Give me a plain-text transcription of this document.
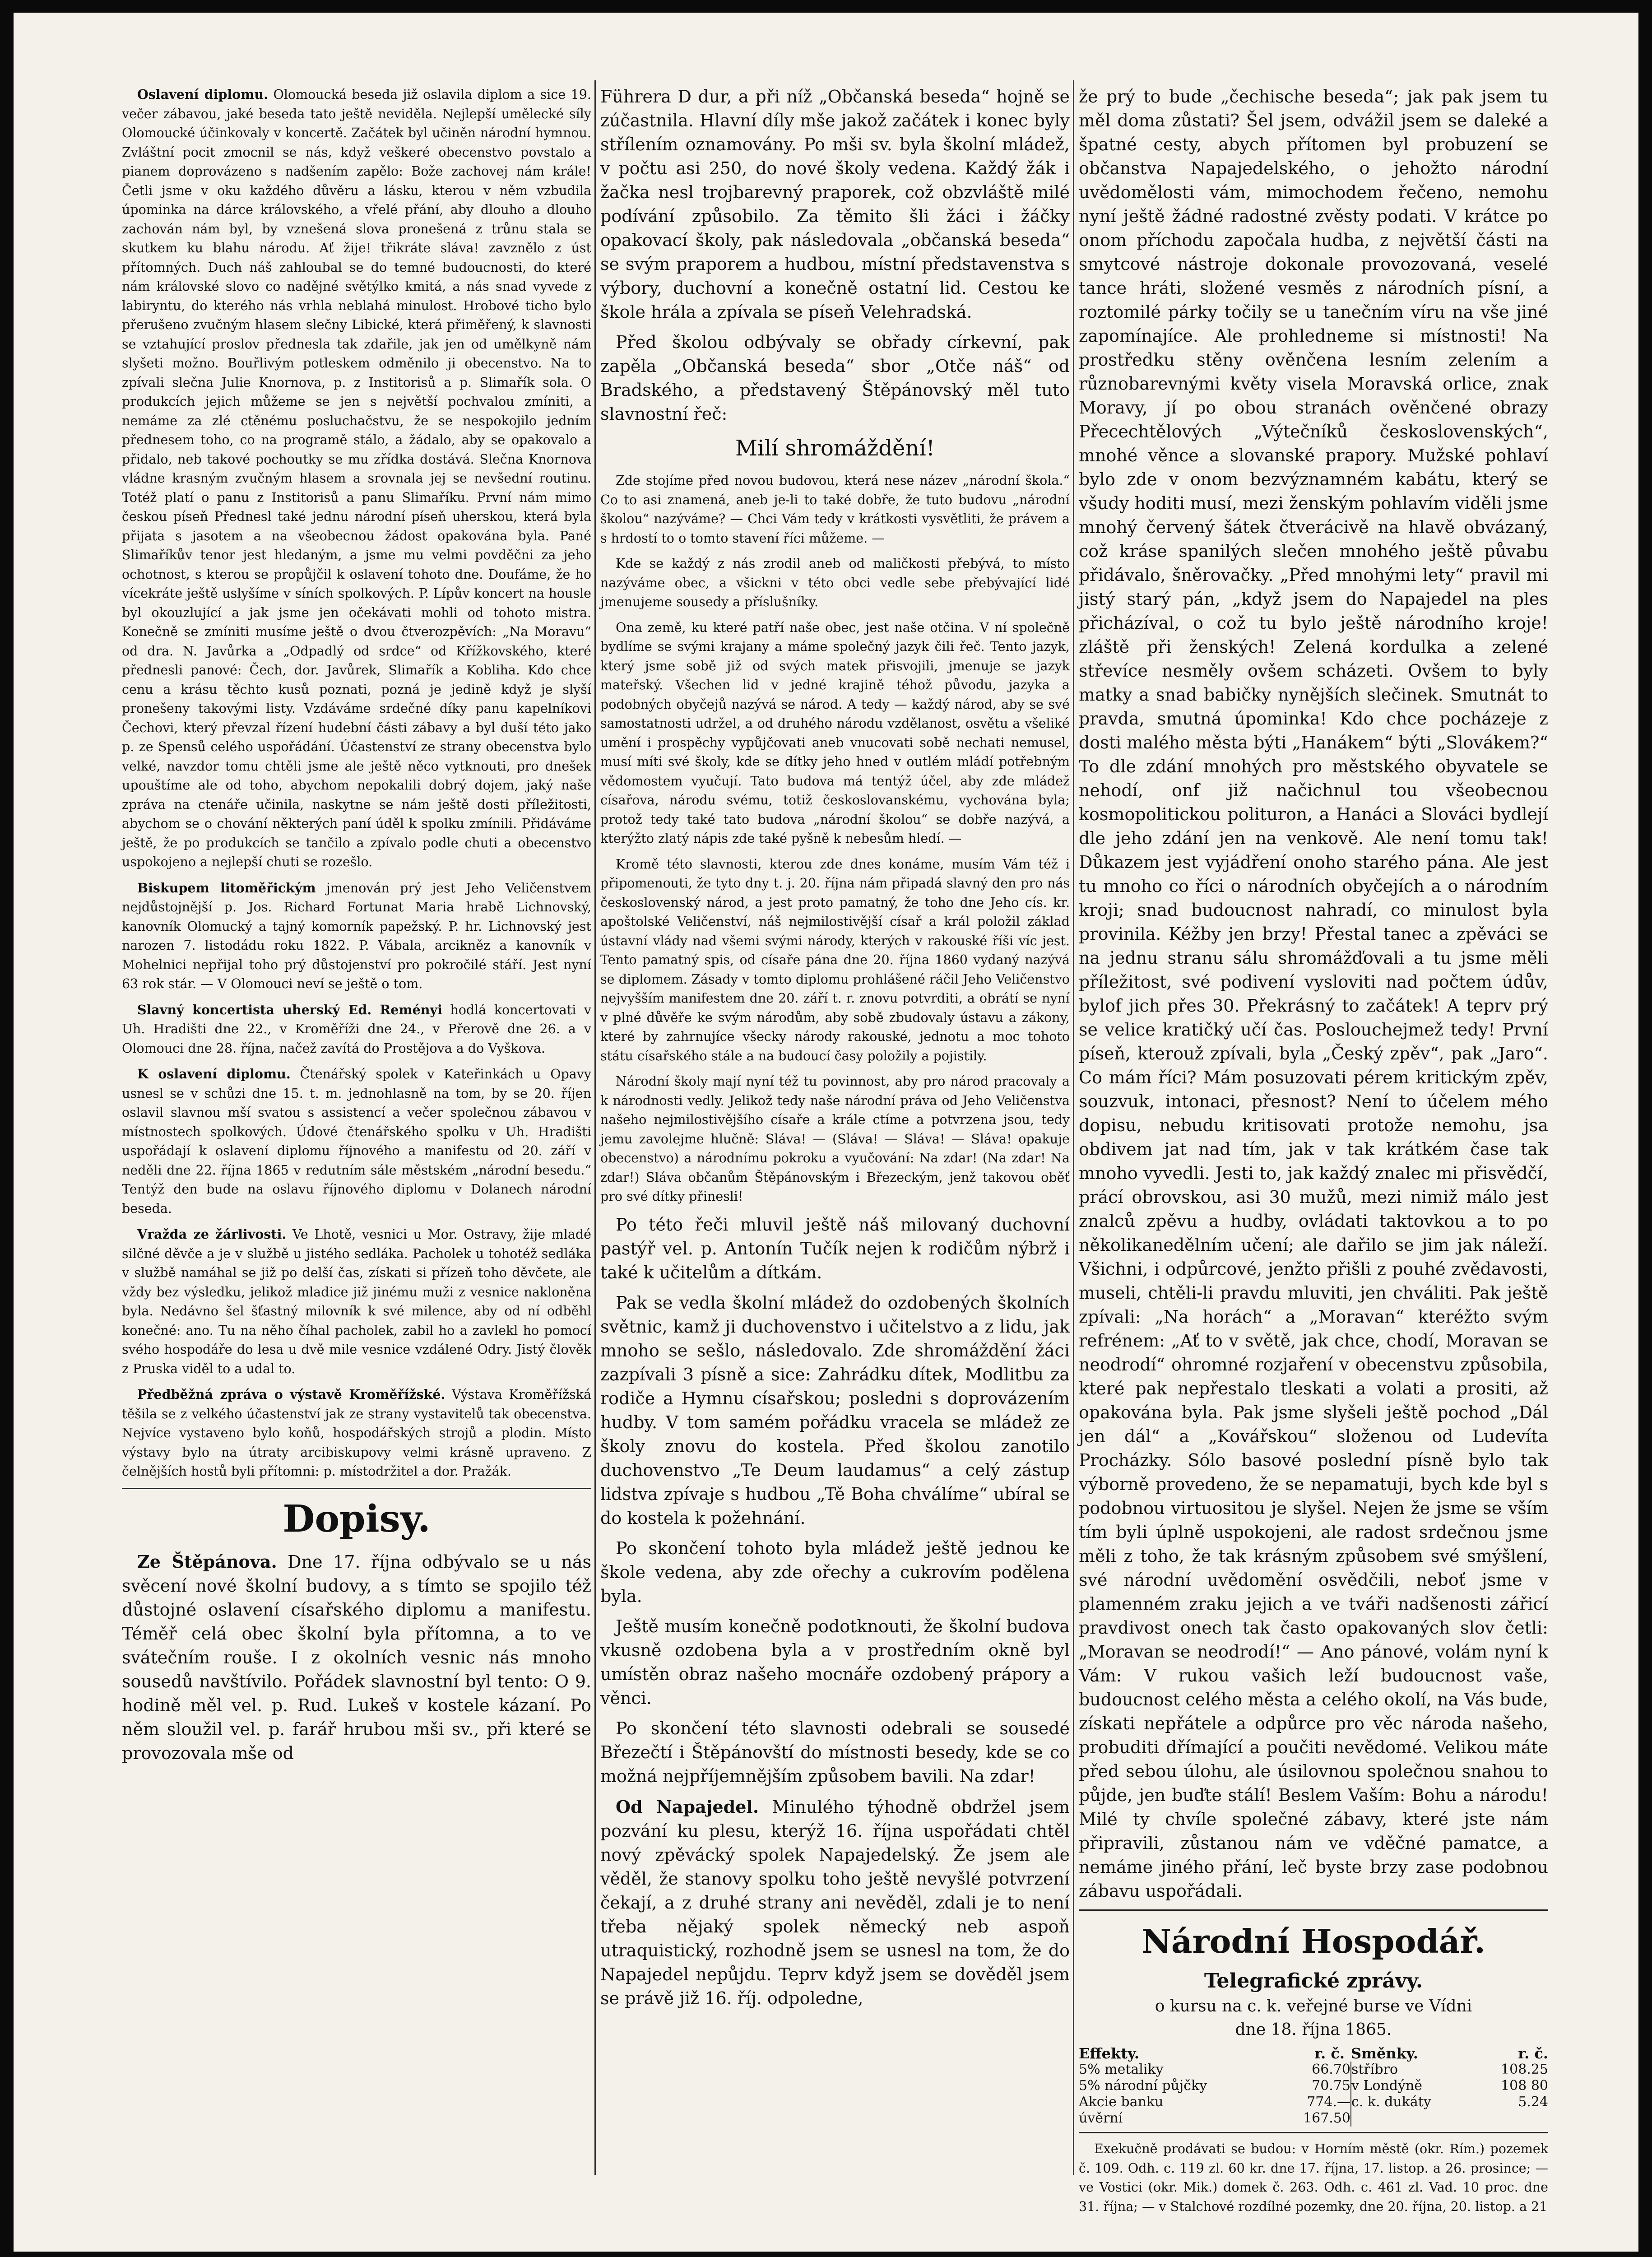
Oslavení diplomu. Olomoucká beseda již oslavila diplom a sice 19. večer zábavou, jaké beseda tato ještě neviděla. Nejlepší umělecké síly Olomoucké účinkovaly v koncertě. Začátek byl učiněn národní hymnou. Zvláštní pocit zmocnil se nás, když veškeré obecenstvo povstalo a pianem doprovázeno s nadšením zapělo: Bože zachovej nám krále! Četli jsme v oku každého důvěru a lásku, kterou v něm vzbudila úpominka na dárce královského, a vřelé přání, aby dlouho a dlouho zachován nám byl, by vznešená slova pronešená z trůnu stala se skutkem ku blahu národu. Ať žije! třikráte sláva! zavznělo z úst přítomných. Duch náš zahloubal se do temné budoucnosti, do které nám královské slovo co nadějné světýlko kmitá, a nás snad vyvede z labiryntu, do kterého nás vrhla neblahá minulost. Hrobové ticho bylo přerušeno zvučným hlasem slečny Libické, která přiměřený, k slavnosti se vztahující proslov přednesla tak zdařile, jak jen od umělkyně nám slyšeti možno. Bouřlivým potleskem odměnilo ji obecenstvo. Na to zpívali slečna Julie Knornova, p. z Institorisů a p. Slimařík sola. O produkcích jejich můžeme se jen s největší pochvalou zmíniti, a nemáme za zlé ctěnému posluchačstvu, že se nespokojilo jedním přednesem toho, co na programě stálo, a žádalo, aby se opakovalo a přidalo, neb takové pochoutky se mu zřídka dostává. Slečna Knornova vládne krasným zvučným hlasem a srovnala jej se nevšední routinu. Totéž platí o panu z Institorisů a panu Slimaříku. První nám mimo českou píseň Přednesl také jednu národní píseň uherskou, která byla přijata s jasotem a na všeobecnou žádost opakována byla. Pané Slimaříkův tenor jest hledaným, a jsme mu velmi povděčni za jeho ochotnost, s kterou se propůjčil k oslavení tohoto dne. Doufáme, že ho vícekráte ještě uslyšíme v síních spolkových. P. Lípův koncert na housle byl okouzlující a jak jsme jen očekávati mohli od tohoto mistra. Konečně se zmíniti musíme ještě o dvou čtverozpěvích: „Na Moravu“ od dra. N. Javůrka a „Odpadlý od srdce“ od Křížkovského, které přednesli panové: Čech, dor. Javůrek, Slimařík a Kobliha. Kdo chce cenu a krásu těchto kusů poznati, pozná je jedině když je slyší pronešeny takovými listy. Vzdáváme srdečné díky panu kapelníkovi Čechovi, který převzal řízení hudební části zábavy a byl duší této jako p. ze Spensů celého uspořádání. Účastenství ze strany obecenstva bylo velké, navzdor tomu chtěli jsme ale ještě něco vytknouti, pro dnešek upouštíme ale od toho, abychom nepokalili dobrý dojem, jaký naše zpráva na ctenáře učinila, naskytne se nám ještě dosti příležitosti, abychom se o chování některých paní úděl k spolku zmínili. Přidáváme ještě, že po produkcích se tančilo a zpívalo podle chuti a obecenstvo uspokojeno a nejlepší chuti se rozešlo.

Biskupem litoměřickým jmenován prý jest Jeho Veličenstvem nejdůstojnější p. Jos. Richard Fortunat Maria hrabě Lichnovský, kanovník Olomucký a tajný komorník papežský. P. hr. Lichnovský jest narozen 7. listodádu roku 1822. P. Vábala, arcikněz a kanovník v Mohelnici nepřijal toho prý důstojenství pro pokročilé stáří. Jest nyní 63 rok stár. — V Olomouci neví se ještě o tom.

Slavný koncertista uherský Ed. Reményi hodlá koncertovati v Uh. Hradišti dne 22., v Kroměříži dne 24., v Přerově dne 26. a v Olomouci dne 28. října, načež zavítá do Prostějova a do Vyškova.

K oslavení diplomu. Čtenářský spolek v Kateřinkách u Opavy usnesl se v schůzi dne 15. t. m. jednohlasně na tom, by se 20. říjen oslavil slavnou mší svatou s assistencí a večer společnou zábavou v místnostech spolkových. Údové čtenářského spolku v Uh. Hradišti uspořádají k oslavení diplomu říjnového a manifestu od 20. září v neděli dne 22. října 1865 v redutním sále městském „národní besedu.“ Tentýž den bude na oslavu říjnového diplomu v Dolanech národní beseda.

Vražda ze žárlivosti. Ve Lhotě, vesnici u Mor. Ostravy, žije mladé silčné děvče a je v službě u jistého sedláka. Pacholek u tohotéž sedláka v službě namáhal se již po delší čas, získati si přízeň toho děvčete, ale vždy bez výsledku, jelikož mladice již jinému muži z vesnice nakloněna byla. Nedávno šel šťastný milovník k své milence, aby od ní odběhl konečné: ano. Tu na něho číhal pacholek, zabil ho a zavlekl ho pomocí svého hospodáře do lesa u dvě mile vesnice vzdálené Odry. Jistý člověk z Pruska viděl to a udal to.

Předběžná zpráva o výstavě Kroměřížské. Výstava Kroměřížská těšila se z velkého účastenství jak ze strany vystavitelů tak obecenstva. Nejvíce vystaveno bylo koňů, hospodářských strojů a plodin. Místo výstavy bylo na útraty arcibiskupovy velmi krásně upraveno. Z čelnějších hostů byli přítomni: p. místodržitel a dor. Pražák.

Dopisy.

Ze Štěpánova. Dne 17. října odbývalo se u nás svěcení nové školní budovy, a s tímto se spojilo též důstojné oslavení císařského diplomu a manifestu. Téměř celá obec školní byla přítomna, a to ve svátečním rouše. I z okolních vesnic nás mnoho sousedů navštívilo. Pořádek slavnostní byl tento: O 9. hodině měl vel. p. Rud. Lukeš v kostele kázaní. Po něm sloužil vel. p. farář hrubou mši sv., při které se provozovala mše od

Führera D dur, a při níž „Občanská beseda“ hojně se zúčastnila. Hlavní díly mše jakož začátek i konec byly střílením oznamovány. Po mši sv. byla školní mládež, v počtu asi 250, do nové školy vedena. Každý žák i žačka nesl trojbarevný praporek, což obzvláště milé podívání způsobilo. Za těmito šli žáci i žáčky opakovací školy, pak následovala „občanská beseda“ se svým praporem a hudbou, místní představenstva s výbory, duchovní a konečně ostatní lid. Cestou ke škole hrála a zpívala se píseň Velehradská.

Před školou odbývaly se obřady církevní, pak zapěla „Občanská beseda“ sbor „Otče náš“ od Bradského, a představený Štěpánovský měl tuto slavnostní řeč:

Milí shromáždění!

Zde stojíme před novou budovou, která nese název „národní škola.“ Co to asi znamená, aneb je-li to také dobře, že tuto budovu „národní školou“ nazýváme? — Chci Vám tedy v krátkosti vysvětliti, že právem a s hrdostí to o tomto stavení říci můžeme. —

Kde se každý z nás zrodil aneb od maličkosti přebývá, to místo nazýváme obec, a všickni v této obci vedle sebe přebývající lidé jmenujeme sousedy a příslušníky.

Ona země, ku které patří naše obec, jest naše otčina. V ní společně bydlíme se svými krajany a máme společný jazyk čili řeč. Tento jazyk, který jsme sobě již od svých matek přisvojili, jmenuje se jazyk mateřský. Všechen lid v jedné krajině téhož původu, jazyka a podobných obyčejů nazývá se národ. A tedy — každý národ, aby se své samostatnosti udržel, a od druhého národu vzdělanost, osvětu a všeliké umění i prospěchy vypůjčovati aneb vnucovati sobě nechati nemusel, musí míti své školy, kde se dítky jeho hned v outlém mládí potřebným vědomostem vyučují. Tato budova má tentýž účel, aby zde mládež císařova, národu svému, totiž českoslovanskému, vychována byla; protož tedy také tato budova „národní školou“ se dobře nazývá, a kterýžto zlatý nápis zde také pyšně k nebesům hledí. —

Kromě této slavnosti, kterou zde dnes konáme, musím Vám též i připomenouti, že tyto dny t. j. 20. října nám připadá slavný den pro nás československý národ, a jest proto pamatný, že toho dne Jeho cís. kr. apoštolské Veličenství, náš nejmilostivější císař a král položil základ ústavní vlády nad všemi svými národy, kterých v rakouské říši víc jest. Tento pamatný spis, od císaře pána dne 20. října 1860 vydaný nazývá se diplomem. Zásady v tomto diplomu prohlášené ráčil Jeho Veličenstvo nejvyšším manifestem dne 20. září t. r. znovu potvrditi, a obrátí se nyní v plné důvěře ke svým národům, aby sobě zbudovaly ústavu a zákony, které by zahrnujíce všecky národy rakouské, jednotu a moc tohoto státu císařského stále a na budoucí časy položily a pojistily.

Národní školy mají nyní též tu povinnost, aby pro národ pracovaly a k národnosti vedly. Jelikož tedy naše národní práva od Jeho Veličenstva našeho nejmilostivějšího císaře a krále ctíme a potvrzena jsou, tedy jemu zavolejme hlučně: Sláva! — (Sláva! — Sláva! — Sláva! opakuje obecenstvo) a národnímu pokroku a vyučování: Na zdar! (Na zdar! Na zdar!) Sláva občanům Štěpánovským i Březeckým, jenž takovou oběť pro své dítky přinesli!

Po této řeči mluvil ještě náš milovaný duchovní pastýř vel. p. Antonín Tučík nejen k rodičům nýbrž i také k učitelům a dítkám.

Pak se vedla školní mládež do ozdobených školních světnic, kamž ji duchovenstvo i učitelstvo a z lidu, jak mnoho se sešlo, následovalo. Zde shromáždění žáci zazpívali 3 písně a sice: Zahrádku dítek, Modlitbu za rodiče a Hymnu císařskou; posledni s doprovázením hudby. V tom samém pořádku vracela se mládež ze školy znovu do kostela. Před školou zanotilo duchovenstvo „Te Deum laudamus“ a celý zástup lidstva zpívaje s hudbou „Tě Boha chválíme“ ubíral se do kostela k požehnání.

Po skončení tohoto byla mládež ještě jednou ke škole vedena, aby zde ořechy a cukrovím podělena byla.

Ještě musím konečně podotknouti, že školní budova vkusně ozdobena byla a v prostředním okně byl umístěn obraz našeho mocnáře ozdobený prápory a věnci.

Po skončení této slavnosti odebrali se sousedé Březečtí i Štěpánovští do místnosti besedy, kde se co možná nejpříjemnějším způsobem bavili. Na zdar!

Od Napajedel. Minulého týhodně obdržel jsem pozvání ku plesu, kterýž 16. října uspořádati chtěl nový zpěvácký spolek Napajedelský. Že jsem ale věděl, že stanovy spolku toho ještě nevyšlé potvrzení čekají, a z druhé strany ani nevěděl, zdali je to není třeba nějaký spolek německý neb aspoň utraquistický, rozhodně jsem se usnesl na tom, že do Napajedel nepůjdu. Teprv když jsem se dověděl jsem se právě již 16. říj. odpoledne,

že prý to bude „čechische beseda“; jak pak jsem tu měl doma zůstati? Šel jsem, odvážil jsem se daleké a špatné cesty, abych přítomen byl probuzení se občanstva Napajedelského, o jehožto národní uvědomělosti vám, mimochodem řečeno, nemohu nyní ještě žádné radostné zvěsty podati. V krátce po onom příchodu započala hudba, z největší části na smytcové nástroje dokonale provozovaná, veselé tance hráti, složené vesměs z národních písní, a roztomilé párky točily se u tanečním víru na vše jiné zapomínajíce. Ale prohledneme si místnosti! Na prostředku stěny ověnčena lesním zelením a různobarevnými květy visela Moravská orlice, znak Moravy, jí po obou stranách ověnčené obrazy Přecechtělových „Výtečníků československých“, mnohé věnce a slovanské prapory. Mužské pohlaví bylo zde v onom bezvýznamném kabátu, který se všudy hoditi musí, mezi ženským pohlavím viděli jsme mnohý červený šátek čtverácivě na hlavě obvázaný, což kráse spanilých slečen mnohého ještě půvabu přidávalo, šněrovačky. „Před mnohými lety“ pravil mi jistý starý pán, „když jsem do Napajedel na ples přicházíval, o což tu bylo ještě národního kroje! zláště při ženských! Zelená kordulka a zelené střevíce nesměly ovšem scházeti. Ovšem to byly matky a snad babičky nynějších slečinek. Smutnát to pravda, smutná úpominka! Kdo chce pocházeje z dosti malého města býti „Hanákem“ býti „Slovákem?“ To dle zdání mnohých pro městského obyvatele se nehodí, onf již načichnul tou všeobecnou kosmopolitickou polituron, a Hanáci a Slováci bydlejí dle jeho zdání jen na venkově. Ale není tomu tak! Důkazem jest vyjádření onoho starého pána. Ale jest tu mnoho co říci o národních obyčejích a o národním kroji; snad budoucnost nahradí, co minulost byla provinila. Kéžby jen brzy! Přestal tanec a zpěváci se na jednu stranu sálu shromážďovali a tu jsme měli příležitost, své podivení vysloviti nad počtem údův, bylof jich přes 30. Překrásný to začátek! A teprv prý se velice kratičký učí čas. Poslouchejmež tedy! První píseň, kterouž zpívali, byla „Český zpěv“, pak „Jaro“. Co mám říci? Mám posuzovati pérem kritickým zpěv, souzvuk, intonaci, přesnost? Není to účelem mého dopisu, nebudu kritisovati protože nemohu, jsa obdivem jat nad tím, jak v tak krátkém čase tak mnoho vyvedli. Jesti to, jak každý znalec mi přisvědčí, prácí obrovskou, asi 30 mužů, mezi nimiž málo jest znalců zpěvu a hudby, ovládati taktovkou a to po několikanedělním učení; ale dařilo se jim jak náleží. Všichni, i odpůrcové, jenžto přišli z pouhé zvědavosti, museli, chtěli-li pravdu mluviti, jen chváliti. Pak ještě zpívali: „Na horách“ a „Moravan“ kteréžto svým refrénem: „Ať to v světě, jak chce, chodí, Moravan se neodrodí“ ohromné rozjaření v obecenstvu způsobila, které pak nepřestalo tleskati a volati a prositi, až opakována byla. Pak jsme slyšeli ještě pochod „Dál jen dál“ a „Kovářskou“ složenou od Ludevíta Procházky. Sólo basové poslední písně bylo tak výborně provedeno, že se nepamatuji, bych kde byl s podobnou virtuositou je slyšel. Nejen že jsme se vším tím byli úplně uspokojeni, ale radost srdečnou jsme měli z toho, že tak krásným způsobem své smýšlení, své národní uvědomění osvědčili, neboť jsme v plamenném zraku jejich a ve tváři nadšenosti zářicí pravdivost onech tak často opakovaných slov četli: „Moravan se neodrodí!“ — Ano pánové, volám nyní k Vám: V rukou vašich leží budoucnost vaše, budoucnost celého města a celého okolí, na Vás bude, získati nepřátele a odpůrce pro věc národa našeho, probuditi dřímající a poučiti nevědomé. Velikou máte před sebou úlohu, ale úsilovnou společnou snahou to půjde, jen buďte stálí! Beslem Vaším: Bohu a národu! Milé ty chvíle společné zábavy, které jste nám připravili, zůstanou nám ve vděčné pamatce, a nemáme jiného přání, leč byste brzy zase podobnou zábavu uspořádali.

Národní Hospodář.

Telegrafické zprávy.

o kursu na c. k. veřejné burse ve Vídni

dne 18. října 1865.

Effekty.	r. č.	Směnky.	r. č.
5% metaliky	66.70	stříbro	108.25
5% národní půjčky	70.75	v Londýně	108 80
Akcie banku	774.—	c. k. dukáty	5.24
úvěrní	167.50		

Exekučně prodávati se budou: v Horním městě (okr. Rím.) pozemek č. 109. Odh. c. 119 zl. 60 kr. dne 17. října, 17. listop. a 26. prosince; — ve Vostici (okr. Mik.) domek č. 263. Odh. c. 461 zl. Vad. 10 proc. dne 31. října; — v Stalchové rozdílné pozemky, dne 20. října, 20. listop. a 21
